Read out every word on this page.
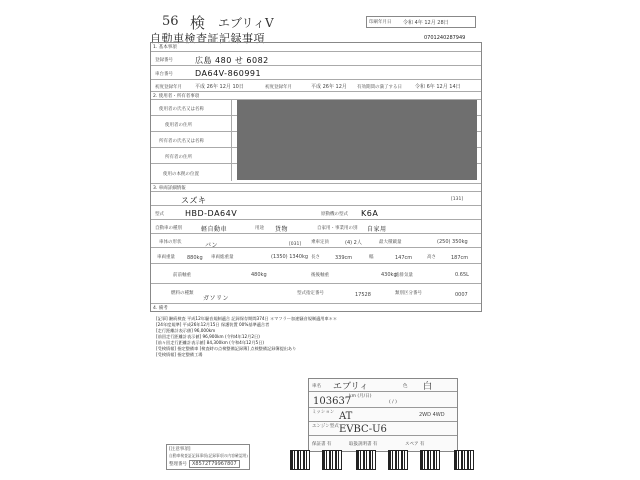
56 検 エブリィV	印刷年月日 令和 4年 12月 28日
自動車検査証記録事項	0701240287949
1. 基本事項
登録番号	広島 480 せ 6082
車台番号	DA64V-860991
初度登録年月	平成 26年 12月 10日	初度登録年月	平成 26年 12月 有効期間の満了する日	令和 6年 12月 14日
2. 使用者・所有者事項
使用者の氏名又は名称
使用者の住所
所有者の氏名又は名称
所有者の住所
使用の本拠の位置
3. 車両詳細情報
スズキ	[131]
型式	HBD-DA64V	原動機の型式 K6A
自動車の種別	軽自動車	用途 貨物	自家用・事業用の別 自家用
車体の形状	バン	[031] 乗車定員	(4) 2人	最大積載量	(250) 350kg
車両重量 880kg 車両総重量	(1350) 1340kg 長さ	339cm	幅	147cm	高さ	187cm
前前軸重	480kg	後後軸重	430kg
総排気量	0.65L
燃料の種類
ガソリン
型式指定番号	17528	類別区分番号	0007
4. 備考
[記事] 継続検査 平成12年騒音規制適合 記録保存期間374日 ＊マフラー加速騒音規制適用車＊＊
[24年度規準] 平成26年12月15日 保護装置 00%基準適合者
[走行距離計表示値] 96,000km
[前回走行距離計表示値] 96,900km (令和4年12月2日)
[前々回走行距離計表示値] 84,300km (令和4年12月5日)
[受検情報] 指定整備車 [検査時の点検整備記録簿] 点検整備記録簿提出あり
[受検情報] 指定整備工場
車名 エブリィ	色 白
km (月/日)
103637	( / )
ミッション AT	2WD 4WD
エンジン型式 EVBC-U6
保証書 有	取扱説明書 有	スペア 有
[注意事項]
自動車検査証記録事項(記録事項の内容確認用)
整理番号	X8572T79967807
